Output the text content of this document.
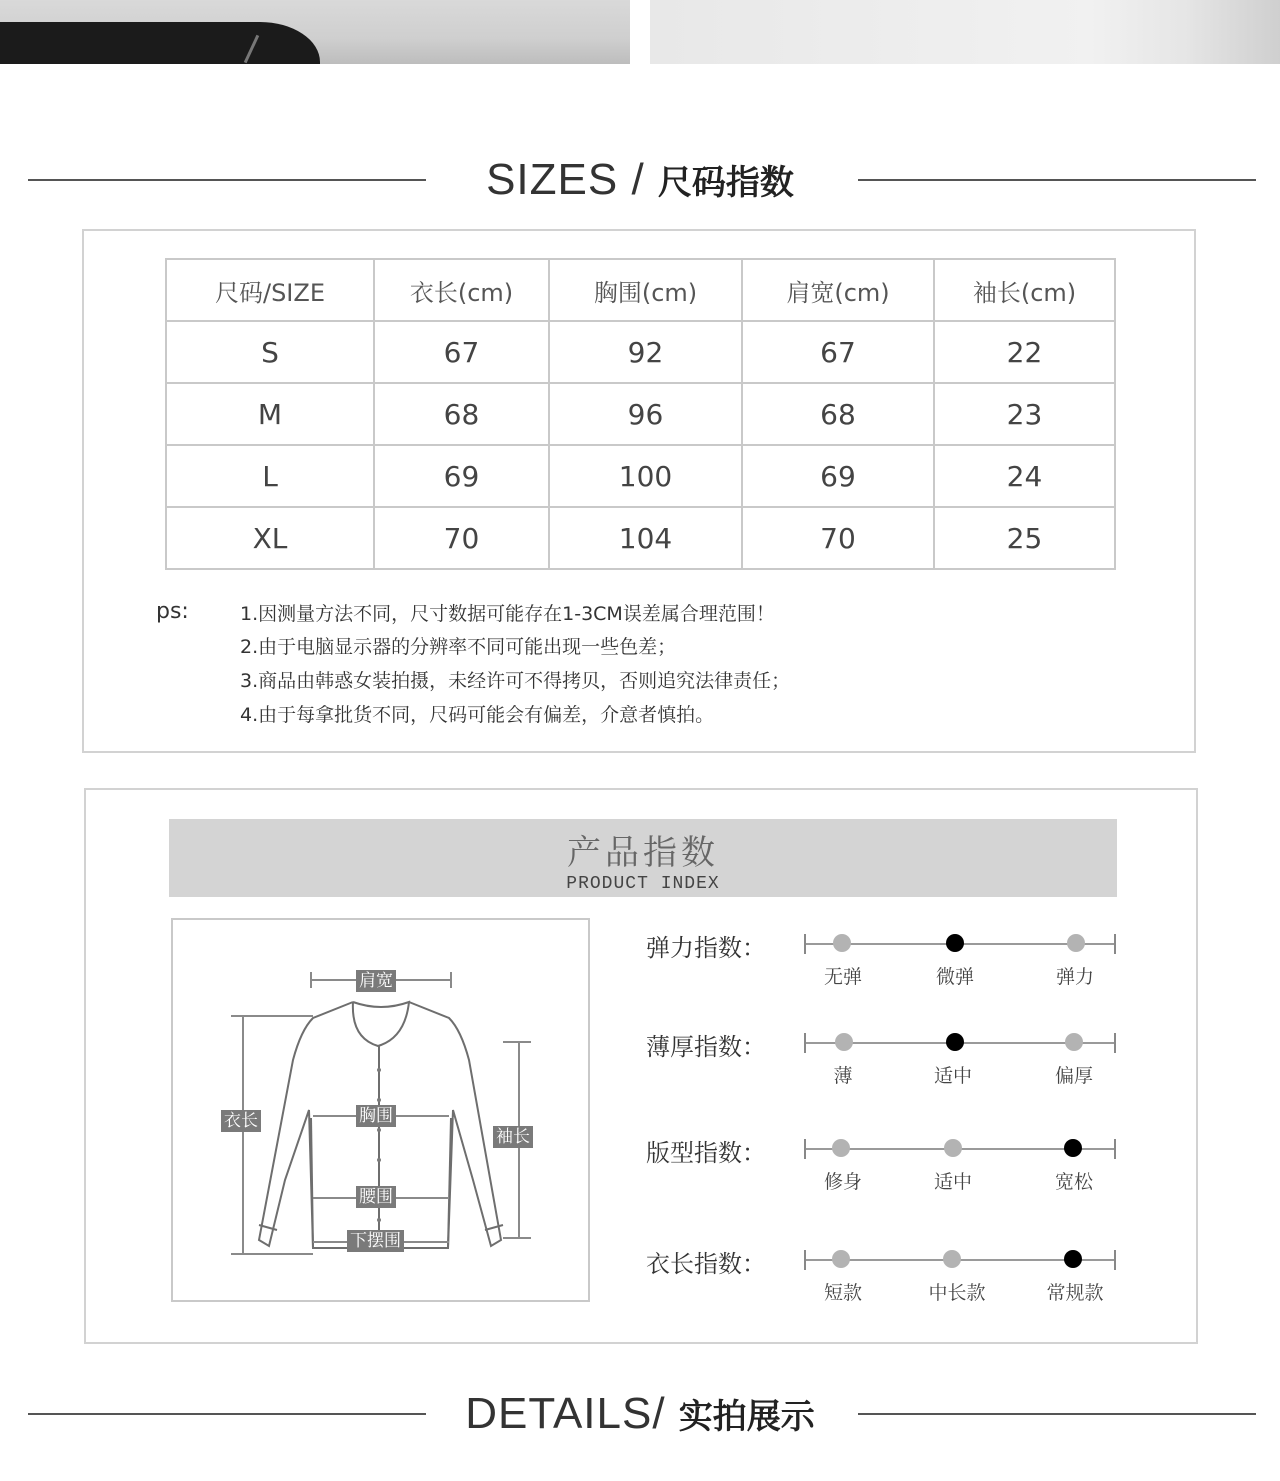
SIZES / 尺码指数
尺码/SIZE	衣长(cm)	胸围(cm)	肩宽(cm)	袖长(cm)
S	67	92	67	22
M	68	96	68	23
L	69	100	69	24
XL	70	104	70	25
ps:	1.因测量方法不同，尺寸数据可能存在1-3CM误差属合理范围！
2.由于电脑显示器的分辨率不同可能出现一些色差；
3.商品由韩惑女装拍摄，未经许可不得拷贝，否则追究法律责任；
4.由于每拿批货不同，尺码可能会有偏差，介意者慎拍。
产品指数
PRODUCT INDEX
肩宽
衣长	胸围
袖长
腰围
下摆围
弹力指数：
无弹	微弹	弹力
薄厚指数：
薄	适中	偏厚
版型指数：
修身	适中	宽松
衣长指数：
短款	中长款	常规款
DETAILS/ 实拍展示
